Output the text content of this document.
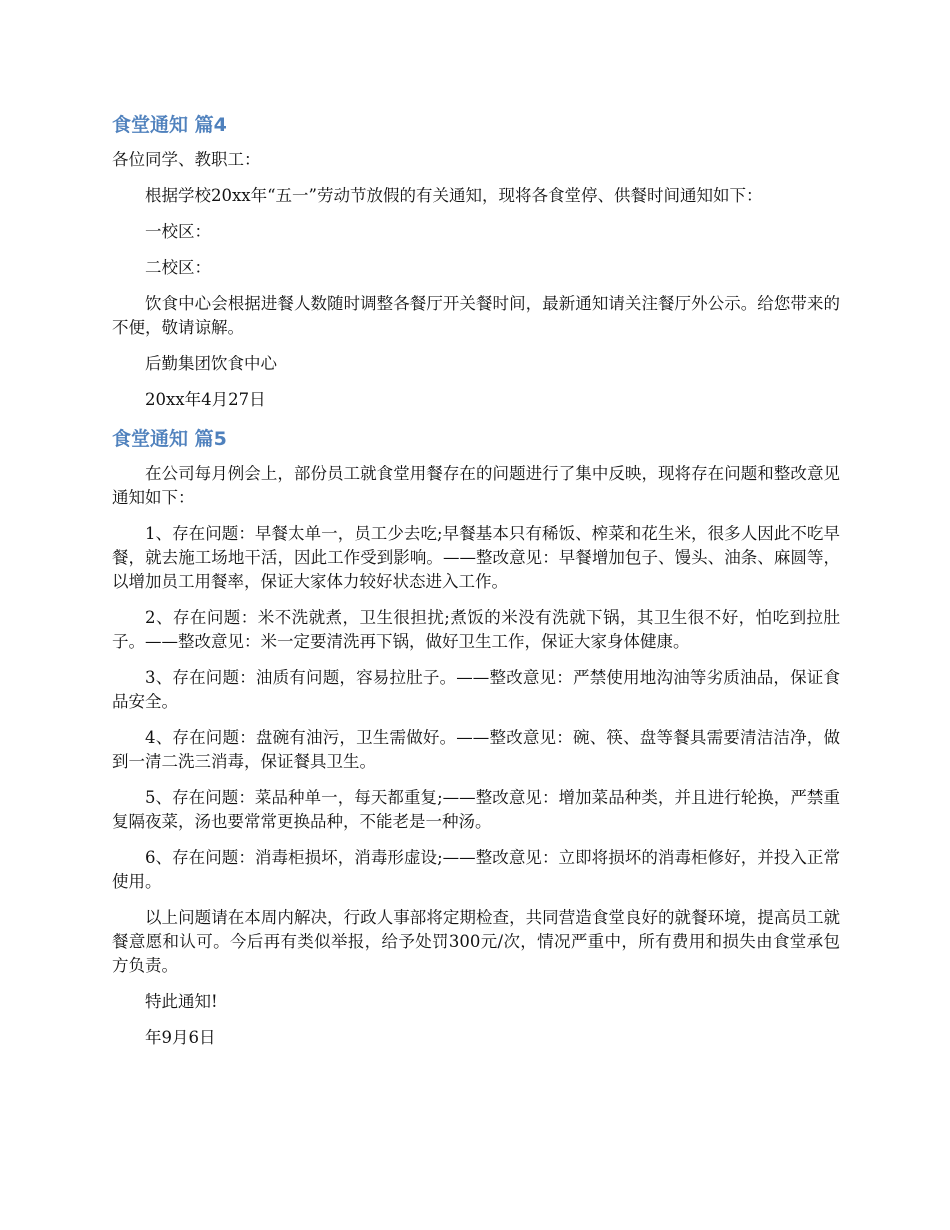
食堂通知 篇4

各位同学、教职工：

根据学校20xx年“五一”劳动节放假的有关通知，现将各食堂停、供餐时间通知如下：

一校区：

二校区：

饮食中心会根据进餐人数随时调整各餐厅开关餐时间，最新通知请关注餐厅外公示。给您带来的不便，敬请谅解。

后勤集团饮食中心

20xx年4月27日

食堂通知 篇5

在公司每月例会上，部份员工就食堂用餐存在的问题进行了集中反映，现将存在问题和整改意见通知如下：

1、存在问题：早餐太单一，员工少去吃;早餐基本只有稀饭、榨菜和花生米，很多人因此不吃早餐，就去施工场地干活，因此工作受到影响。——整改意见：早餐增加包子、馒头、油条、麻圆等，以增加员工用餐率，保证大家体力较好状态进入工作。

2、存在问题：米不洗就煮，卫生很担扰;煮饭的米没有洗就下锅，其卫生很不好，怕吃到拉肚子。——整改意见：米一定要清洗再下锅，做好卫生工作，保证大家身体健康。

3、存在问题：油质有问题，容易拉肚子。——整改意见：严禁使用地沟油等劣质油品，保证食品安全。

4、存在问题：盘碗有油污，卫生需做好。——整改意见：碗、筷、盘等餐具需要清洁洁净，做到一清二洗三消毒，保证餐具卫生。

5、存在问题：菜品种单一，每天都重复;——整改意见：增加菜品种类，并且进行轮换，严禁重复隔夜菜，汤也要常常更换品种，不能老是一种汤。

6、存在问题：消毒柜损坏，消毒形虚设;——整改意见：立即将损坏的消毒柜修好，并投入正常使用。

以上问题请在本周内解决，行政人事部将定期检查，共同营造食堂良好的就餐环境，提高员工就餐意愿和认可。今后再有类似举报，给予处罚300元/次，情况严重中，所有费用和损失由食堂承包方负责。

特此通知!

年9月6日
